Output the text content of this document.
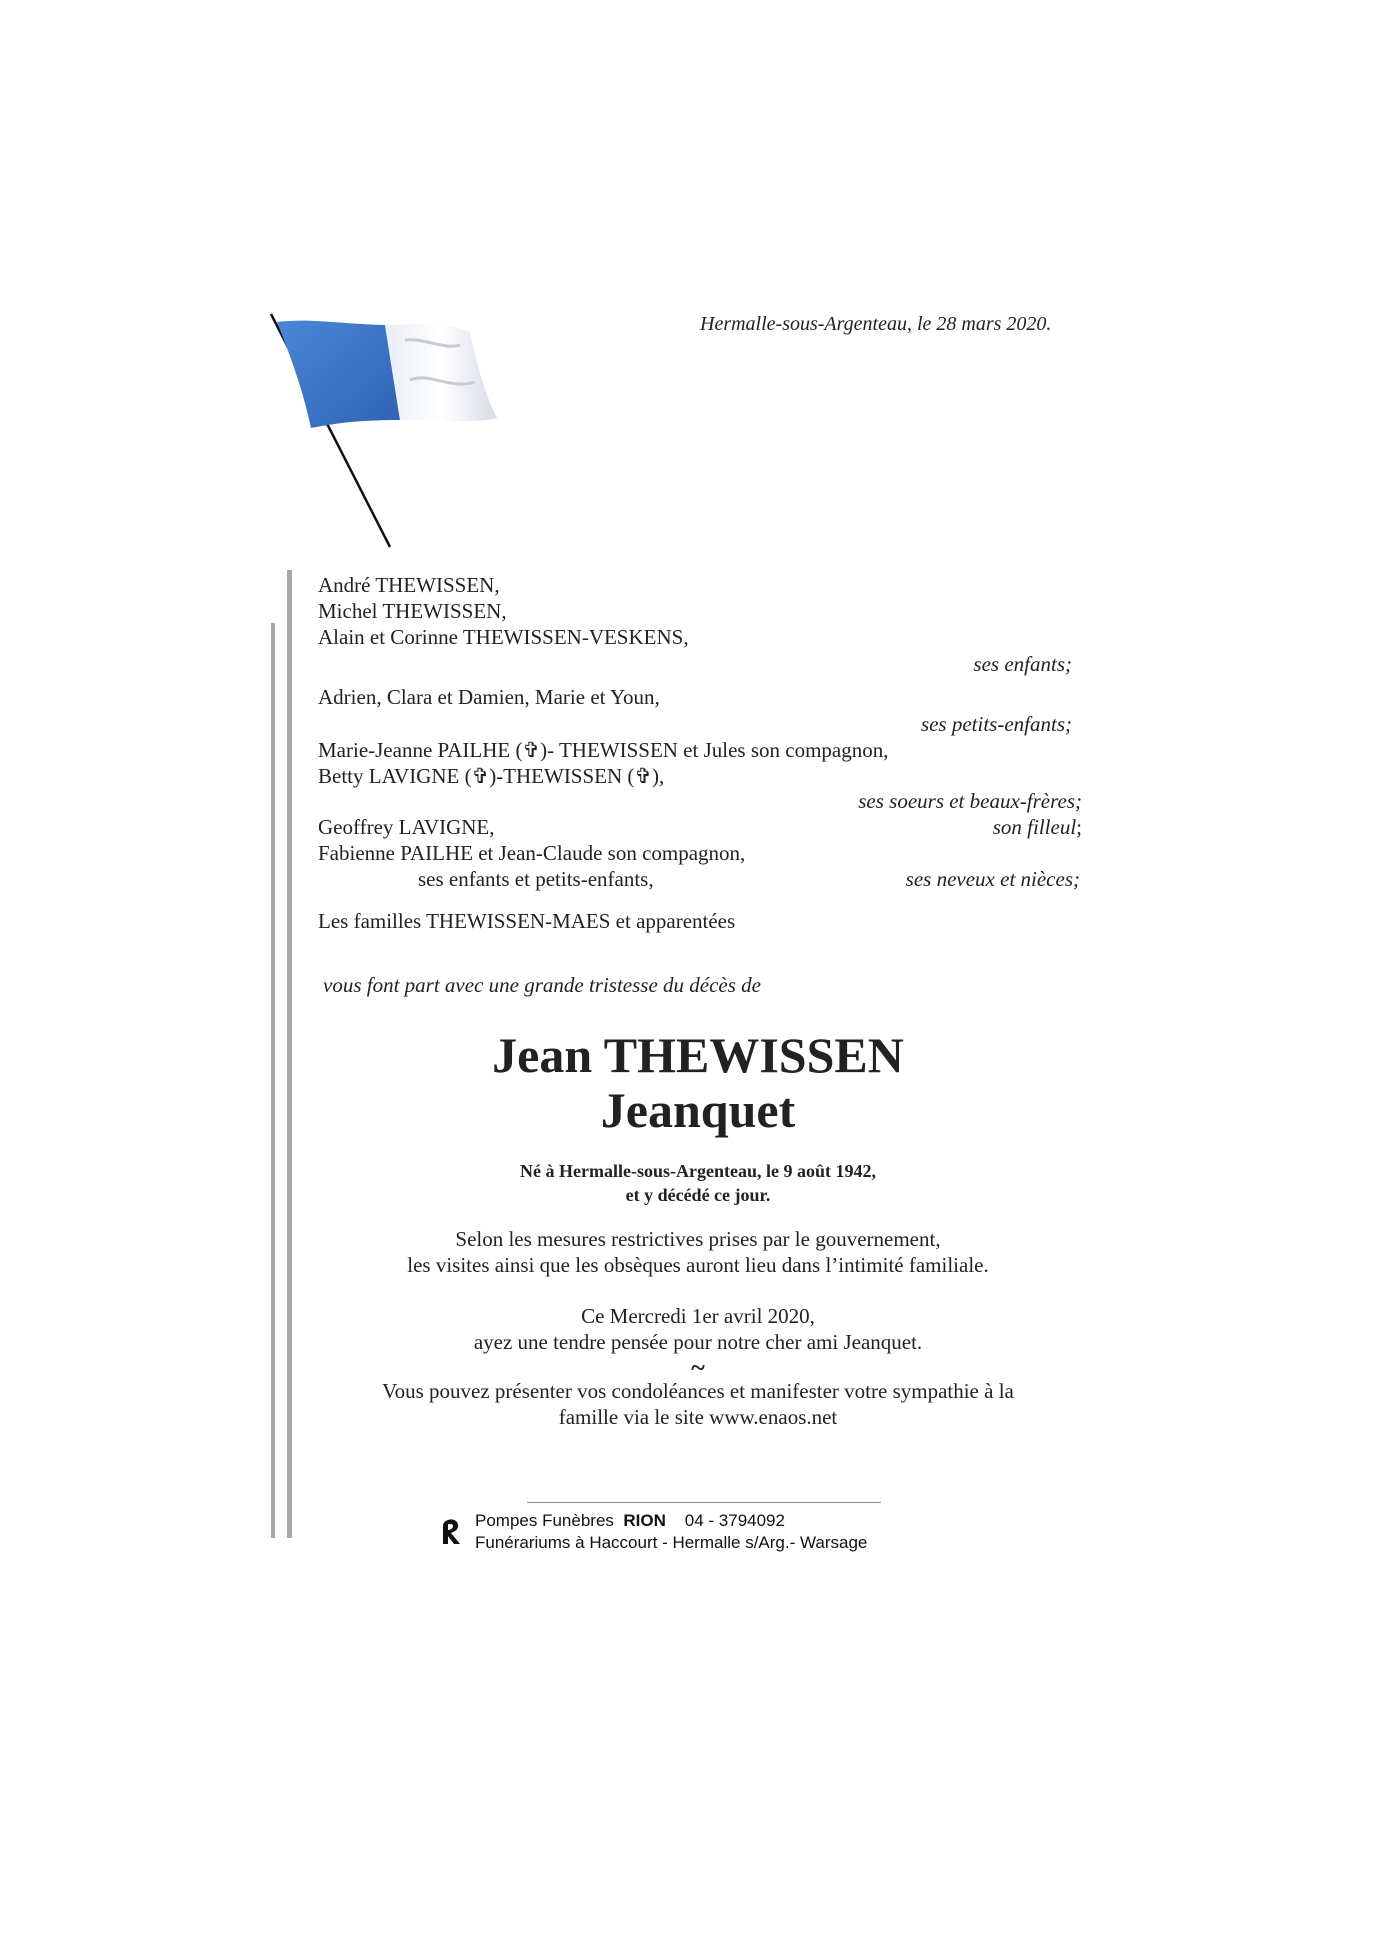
Hermalle-sous-Argenteau, le 28 mars 2020.
André THEWISSEN,
Michel THEWISSEN,
Alain et Corinne THEWISSEN-VESKENS,
ses enfants;
Adrien, Clara et Damien, Marie et Youn,
ses petits-enfants;
Marie-Jeanne PAILHE (✞)- THEWISSEN et Jules son compagnon,
Betty LAVIGNE (✞)-THEWISSEN (✞),
ses soeurs et beaux-frères;
Geoffrey LAVIGNE,	son filleul;
Fabienne PAILHE et Jean-Claude son compagnon,
ses enfants et petits-enfants,	ses neveux et nièces;
Les familles THEWISSEN-MAES et apparentées
vous font part avec une grande tristesse du décès de
Jean THEWISSEN
Jeanquet
Né à Hermalle-sous-Argenteau, le 9 août 1942,
et y décédé ce jour.
Selon les mesures restrictives prises par le gouvernement,
les visites ainsi que les obsèques auront lieu dans l’intimité familiale.
Ce Mercredi 1er avril 2020,
ayez une tendre pensée pour notre cher ami Jeanquet.
~
Vous pouvez présenter vos condoléances et manifester votre sympathie à la
famille via le site www.enaos.net
Pompes Funèbres RION 04 - 3794092
Funérariums à Haccourt - Hermalle s/Arg.- Warsage
